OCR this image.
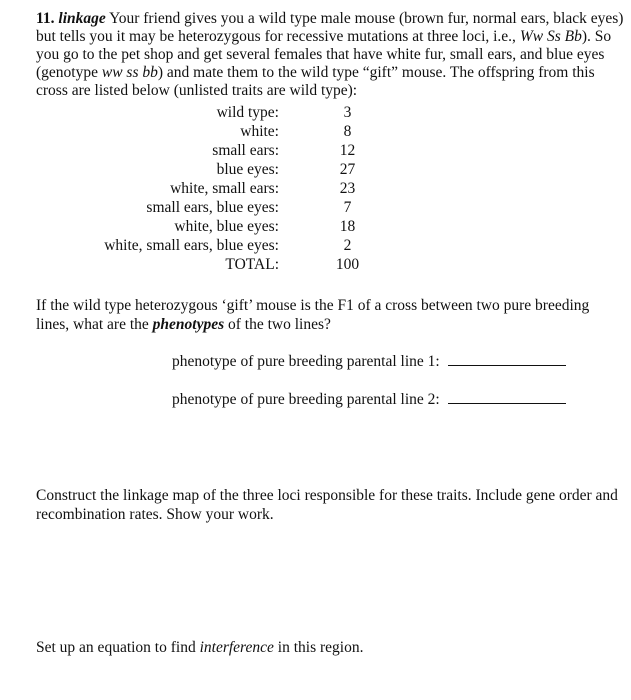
11. linkage Your friend gives you a wild type male mouse (brown fur, normal ears, black eyes) but tells you it may be heterozygous for recessive mutations at three loci, i.e., Ww Ss Bb). So you go to the pet shop and get several females that have white fur, small ears, and blue eyes (genotype ww ss bb) and mate them to the wild type “gift” mouse. The offspring from this cross are listed below (unlisted traits are wild type):
wild type:	3
white:	8
small ears:	12
blue eyes:	27
white, small ears:	23
small ears, blue eyes:	7
white, blue eyes:	18
white, small ears, blue eyes:	2
TOTAL:	100
If the wild type heterozygous ‘gift’ mouse is the F1 of a cross between two pure breeding lines, what are the phenotypes of the two lines?
phenotype of pure breeding parental line 1:
phenotype of pure breeding parental line 2:
Construct the linkage map of the three loci responsible for these traits. Include gene order and recombination rates. Show your work.
Set up an equation to find interference in this region.
